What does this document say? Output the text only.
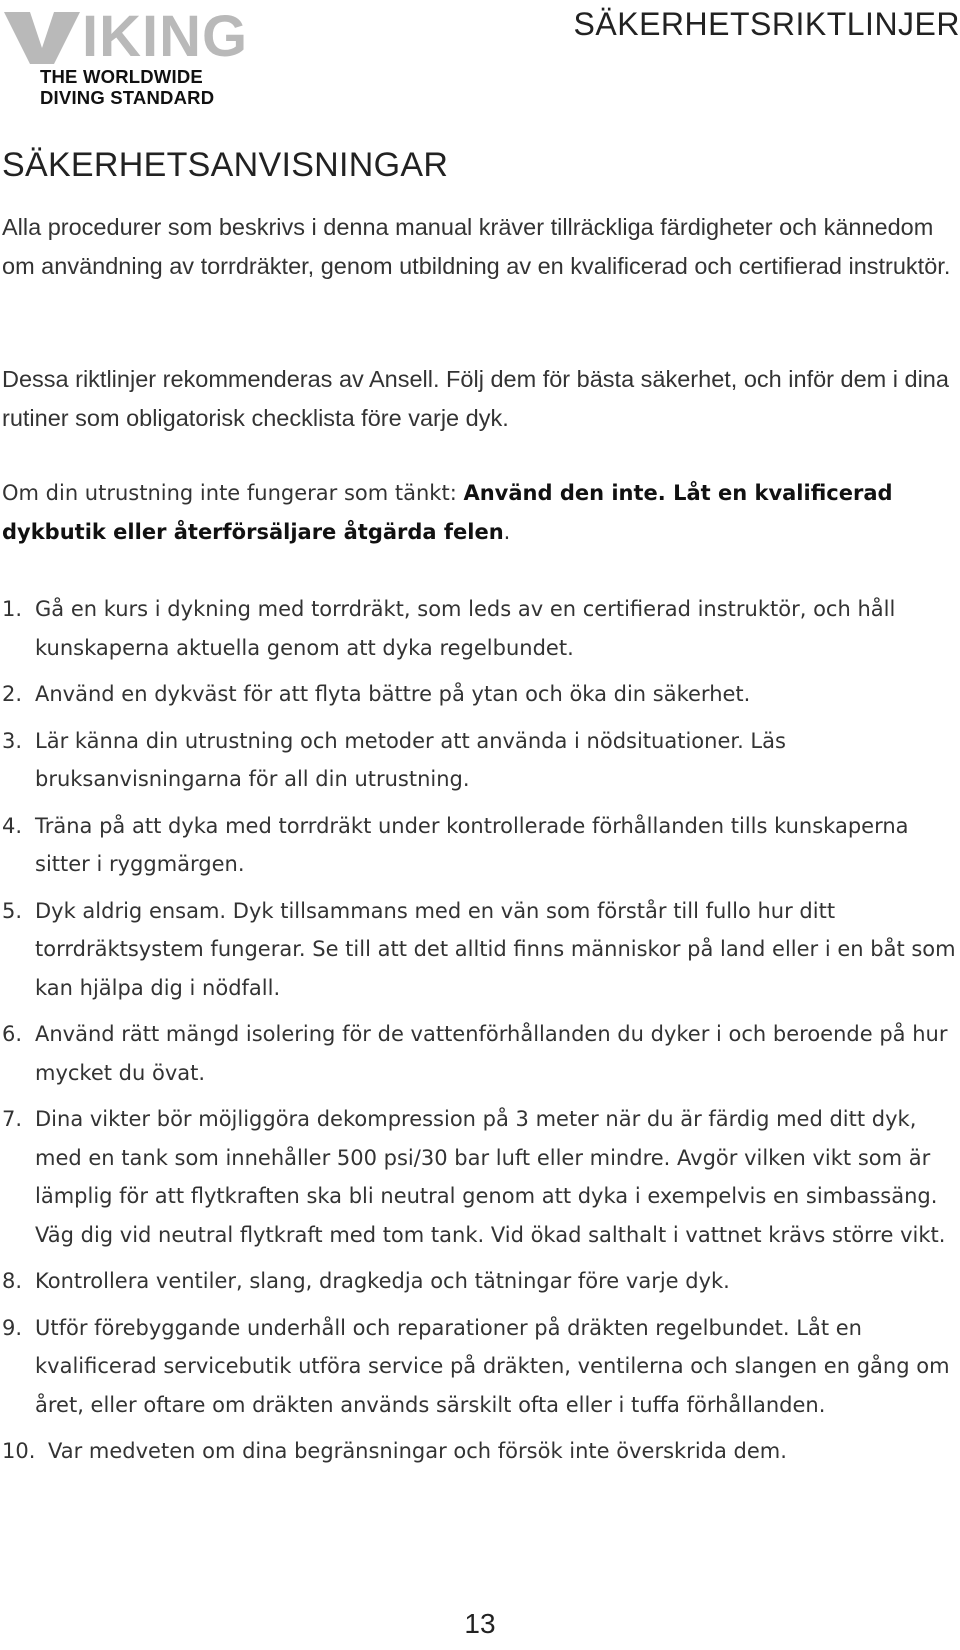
IKING
THE WORLDWIDE
DIVING STANDARD
SÄKERHETSRIKTLINJER
SÄKERHETSANVISNINGAR

Alla procedurer som beskrivs i denna manual kräver tillräckliga färdigheter och kännedom om användning av torrdräkter, genom utbildning av en kvalificerad och certifierad instruktör.

Dessa riktlinjer rekommenderas av Ansell. Följ dem för bästa säkerhet, och inför dem i dina rutiner som obligatorisk checklista före varje dyk.

Om din utrustning inte fungerar som tänkt: Använd den inte. Låt en kvalificerad dykbutik eller återförsäljare åtgärda felen.

1. Gå en kurs i dykning med torrdräkt, som leds av en certifierad instruktör, och håll kunskaperna aktuella genom att dyka regelbundet.
2. Använd en dykväst för att flyta bättre på ytan och öka din säkerhet.
3. Lär känna din utrustning och metoder att använda i nödsituationer. Läs bruksanvisningarna för all din utrustning.
4. Träna på att dyka med torrdräkt under kontrollerade förhållanden tills kunskaperna sitter i ryggmärgen.
5. Dyk aldrig ensam. Dyk tillsammans med en vän som förstår till fullo hur ditt torrdräktsystem fungerar. Se till att det alltid finns människor på land eller i en båt som kan hjälpa dig i nödfall.
6. Använd rätt mängd isolering för de vattenförhållanden du dyker i och beroende på hur mycket du övat.
7. Dina vikter bör möjliggöra dekompression på 3 meter när du är färdig med ditt dyk, med en tank som innehåller 500 psi/30 bar luft eller mindre. Avgör vilken vikt som är lämplig för att flytkraften ska bli neutral genom att dyka i exempelvis en simbassäng. Väg dig vid neutral flytkraft med tom tank. Vid ökad salthalt i vattnet krävs större vikt.
8. Kontrollera ventiler, slang, dragkedja och tätningar före varje dyk.
9. Utför förebyggande underhåll och reparationer på dräkten regelbundet. Låt en kvalificerad servicebutik utföra service på dräkten, ventilerna och slangen en gång om året, eller oftare om dräkten används särskilt ofta eller i tuffa förhållanden.
10. Var medveten om dina begränsningar och försök inte överskrida dem.
13
